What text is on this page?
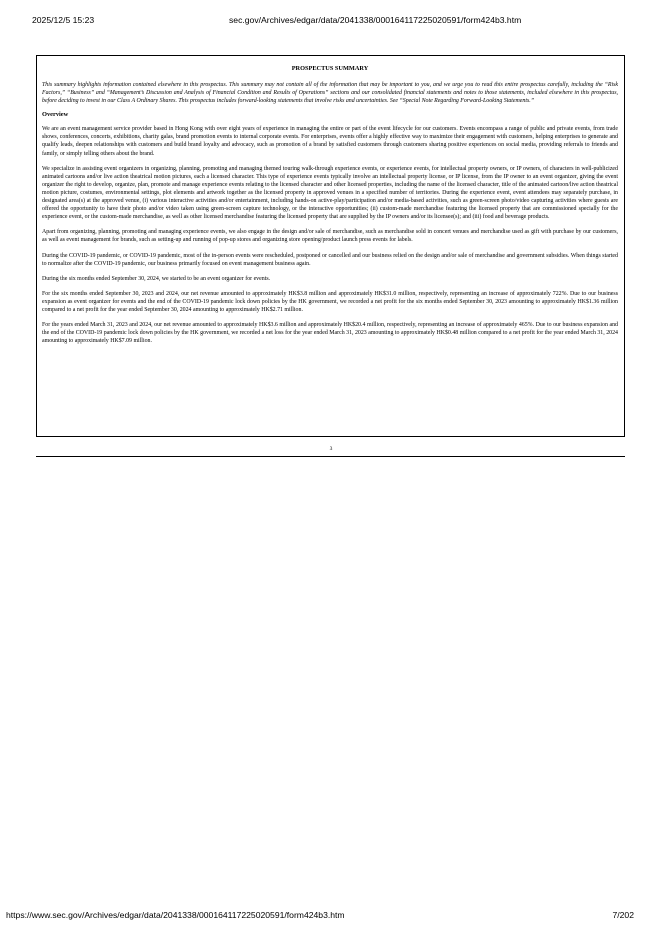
2025/12/5 15:23	sec.gov/Archives/edgar/data/2041338/000164117225020591/form424b3.htm
PROSPECTUS SUMMARY

This summary highlights information contained elsewhere in this prospectus. This summary may not contain all of the information that may be important to you, and we urge you to read this entire prospectus carefully, including the “Risk Factors,” “Business” and “Management’s Discussion and Analysis of Financial Condition and Results of Operations” sections and our consolidated financial statements and notes to those statements, included elsewhere in this prospectus, before deciding to invest in our Class A Ordinary Shares. This prospectus includes forward-looking statements that involve risks and uncertainties. See “Special Note Regarding Forward-Looking Statements.”

Overview

We are an event management service provider based in Hong Kong with over eight years of experience in managing the entire or part of the event lifecycle for our customers. Events encompass a range of public and private events, from trade shows, conferences, concerts, exhibitions, charity galas, brand promotion events to internal corporate events. For enterprises, events offer a highly effective way to maximize their engagement with customers, helping enterprises to generate and qualify leads, deepen relationships with customers and build brand loyalty and advocacy, such as promotion of a brand by satisfied customers through customers sharing positive experiences on social media, providing referrals to friends and family, or simply telling others about the brand.

We specialize in assisting event organizers in organizing, planning, promoting and managing themed touring walk-through experience events, or experience events, for intellectual property owners, or IP owners, of characters in well-publicized animated cartoons and/or live action theatrical motion pictures, each a licensed character. This type of experience events typically involve an intellectual property license, or IP license, from the IP owner to an event organizer, giving the event organizer the right to develop, organize, plan, promote and manage experience events relating to the licensed character and other licensed properties, including the name of the licensed character, title of the animated cartoon/live action theatrical motion picture, costumes, environmental settings, plot elements and artwork together as the licensed property in approved venues in a specified number of territories. During the experience event, event attendees may separately purchase, in designated area(s) at the approved venue, (i) various interactive activities and/or entertainment, including hands-on active-play/participation and/or media-based activities, such as green-screen photo/video capturing activities where guests are offered the opportunity to have their photo and/or video taken using green-screen capture technology, or the interactive opportunities; (ii) custom-made merchandise featuring the licensed property that are commissioned specially for the experience event, or the custom-made merchandise, as well as other licensed merchandise featuring the licensed property that are supplied by the IP owners and/or its licensee(s); and (iii) food and beverage products.

Apart from organizing, planning, promoting and managing experience events, we also engage in the design and/or sale of merchandise, such as merchandise sold in concert venues and merchandise used as gift with purchase by our customers, as well as event management for brands, such as setting-up and running of pop-up stores and organizing store opening/product launch press events for labels.

During the COVID-19 pandemic, or COVID-19 pandemic, most of the in-person events were rescheduled, postponed or cancelled and our business relied on the design and/or sale of merchandise and government subsidies. When things started to normalize after the COVID-19 pandemic, our business primarily focused on event management business again.

During the six months ended September 30, 2024, we started to be an event organizer for events.

For the six months ended September 30, 2023 and 2024, our net revenue amounted to approximately HK$3.8 million and approximately HK$31.0 million, respectively, representing an increase of approximately 722%. Due to our business expansion as event organizer for events and the end of the COVID-19 pandemic lock down policies by the HK government, we recorded a net profit for the six months ended September 30, 2023 amounting to approximately HK$1.36 million compared to a net profit for the year ended September 30, 2024 amounting to approximately HK$2.71 million.

For the years ended March 31, 2023 and 2024, our net revenue amounted to approximately HK$3.6 million and approximately HK$20.4 million, respectively, representing an increase of approximately 465%. Due to our business expansion and the end of the COVID-19 pandemic lock down policies by the HK government, we recorded a net loss for the year ended March 31, 2023 amounting to approximately HK$0.48 million compared to a net profit for the year ended March 31, 2024 amounting to approximately HK$7.09 million.

3
https://www.sec.gov/Archives/edgar/data/2041338/000164117225020591/form424b3.htm	7/202
